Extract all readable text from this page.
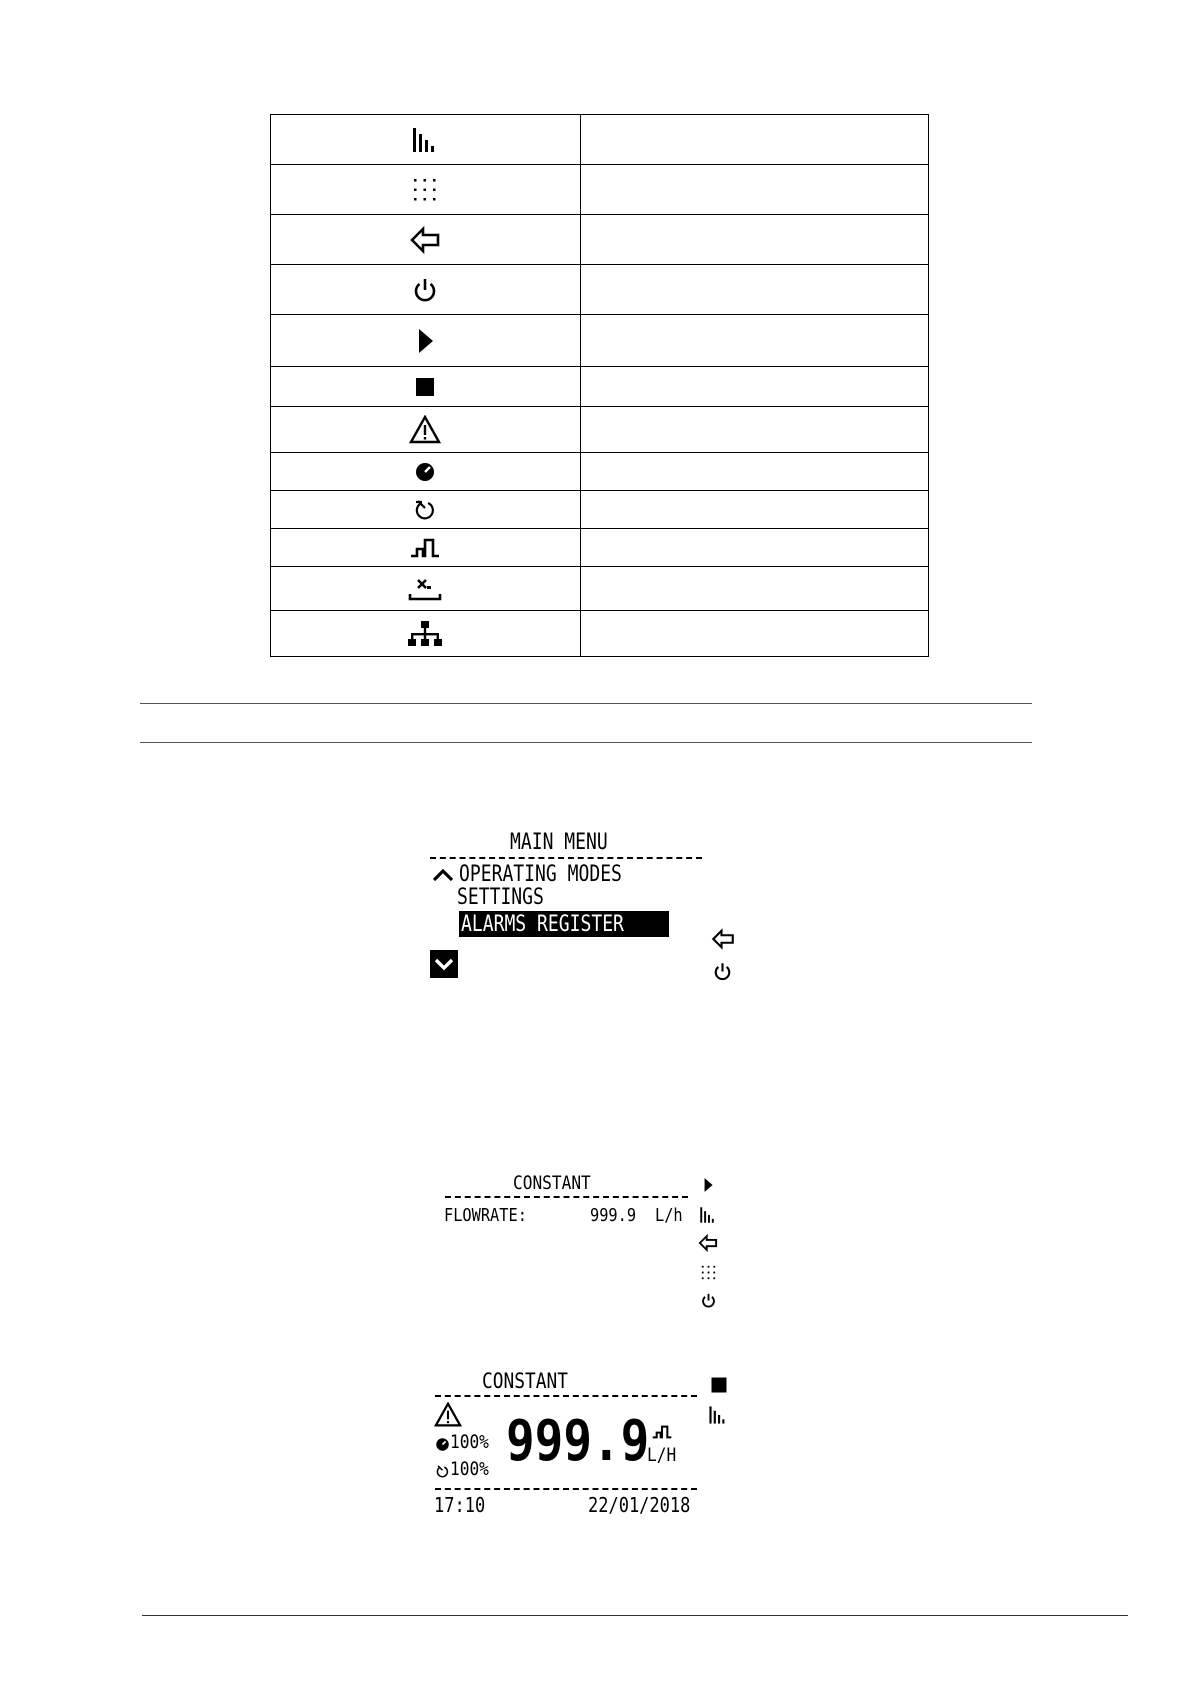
MAIN MENU
OPERATING MODES
SETTINGS
ALARMS REGISTER
CONSTANT
FLOWRATE:	999.9 L/h
CONSTANT
100%
100% 999.9
L/H
17:10	22/01/2018
